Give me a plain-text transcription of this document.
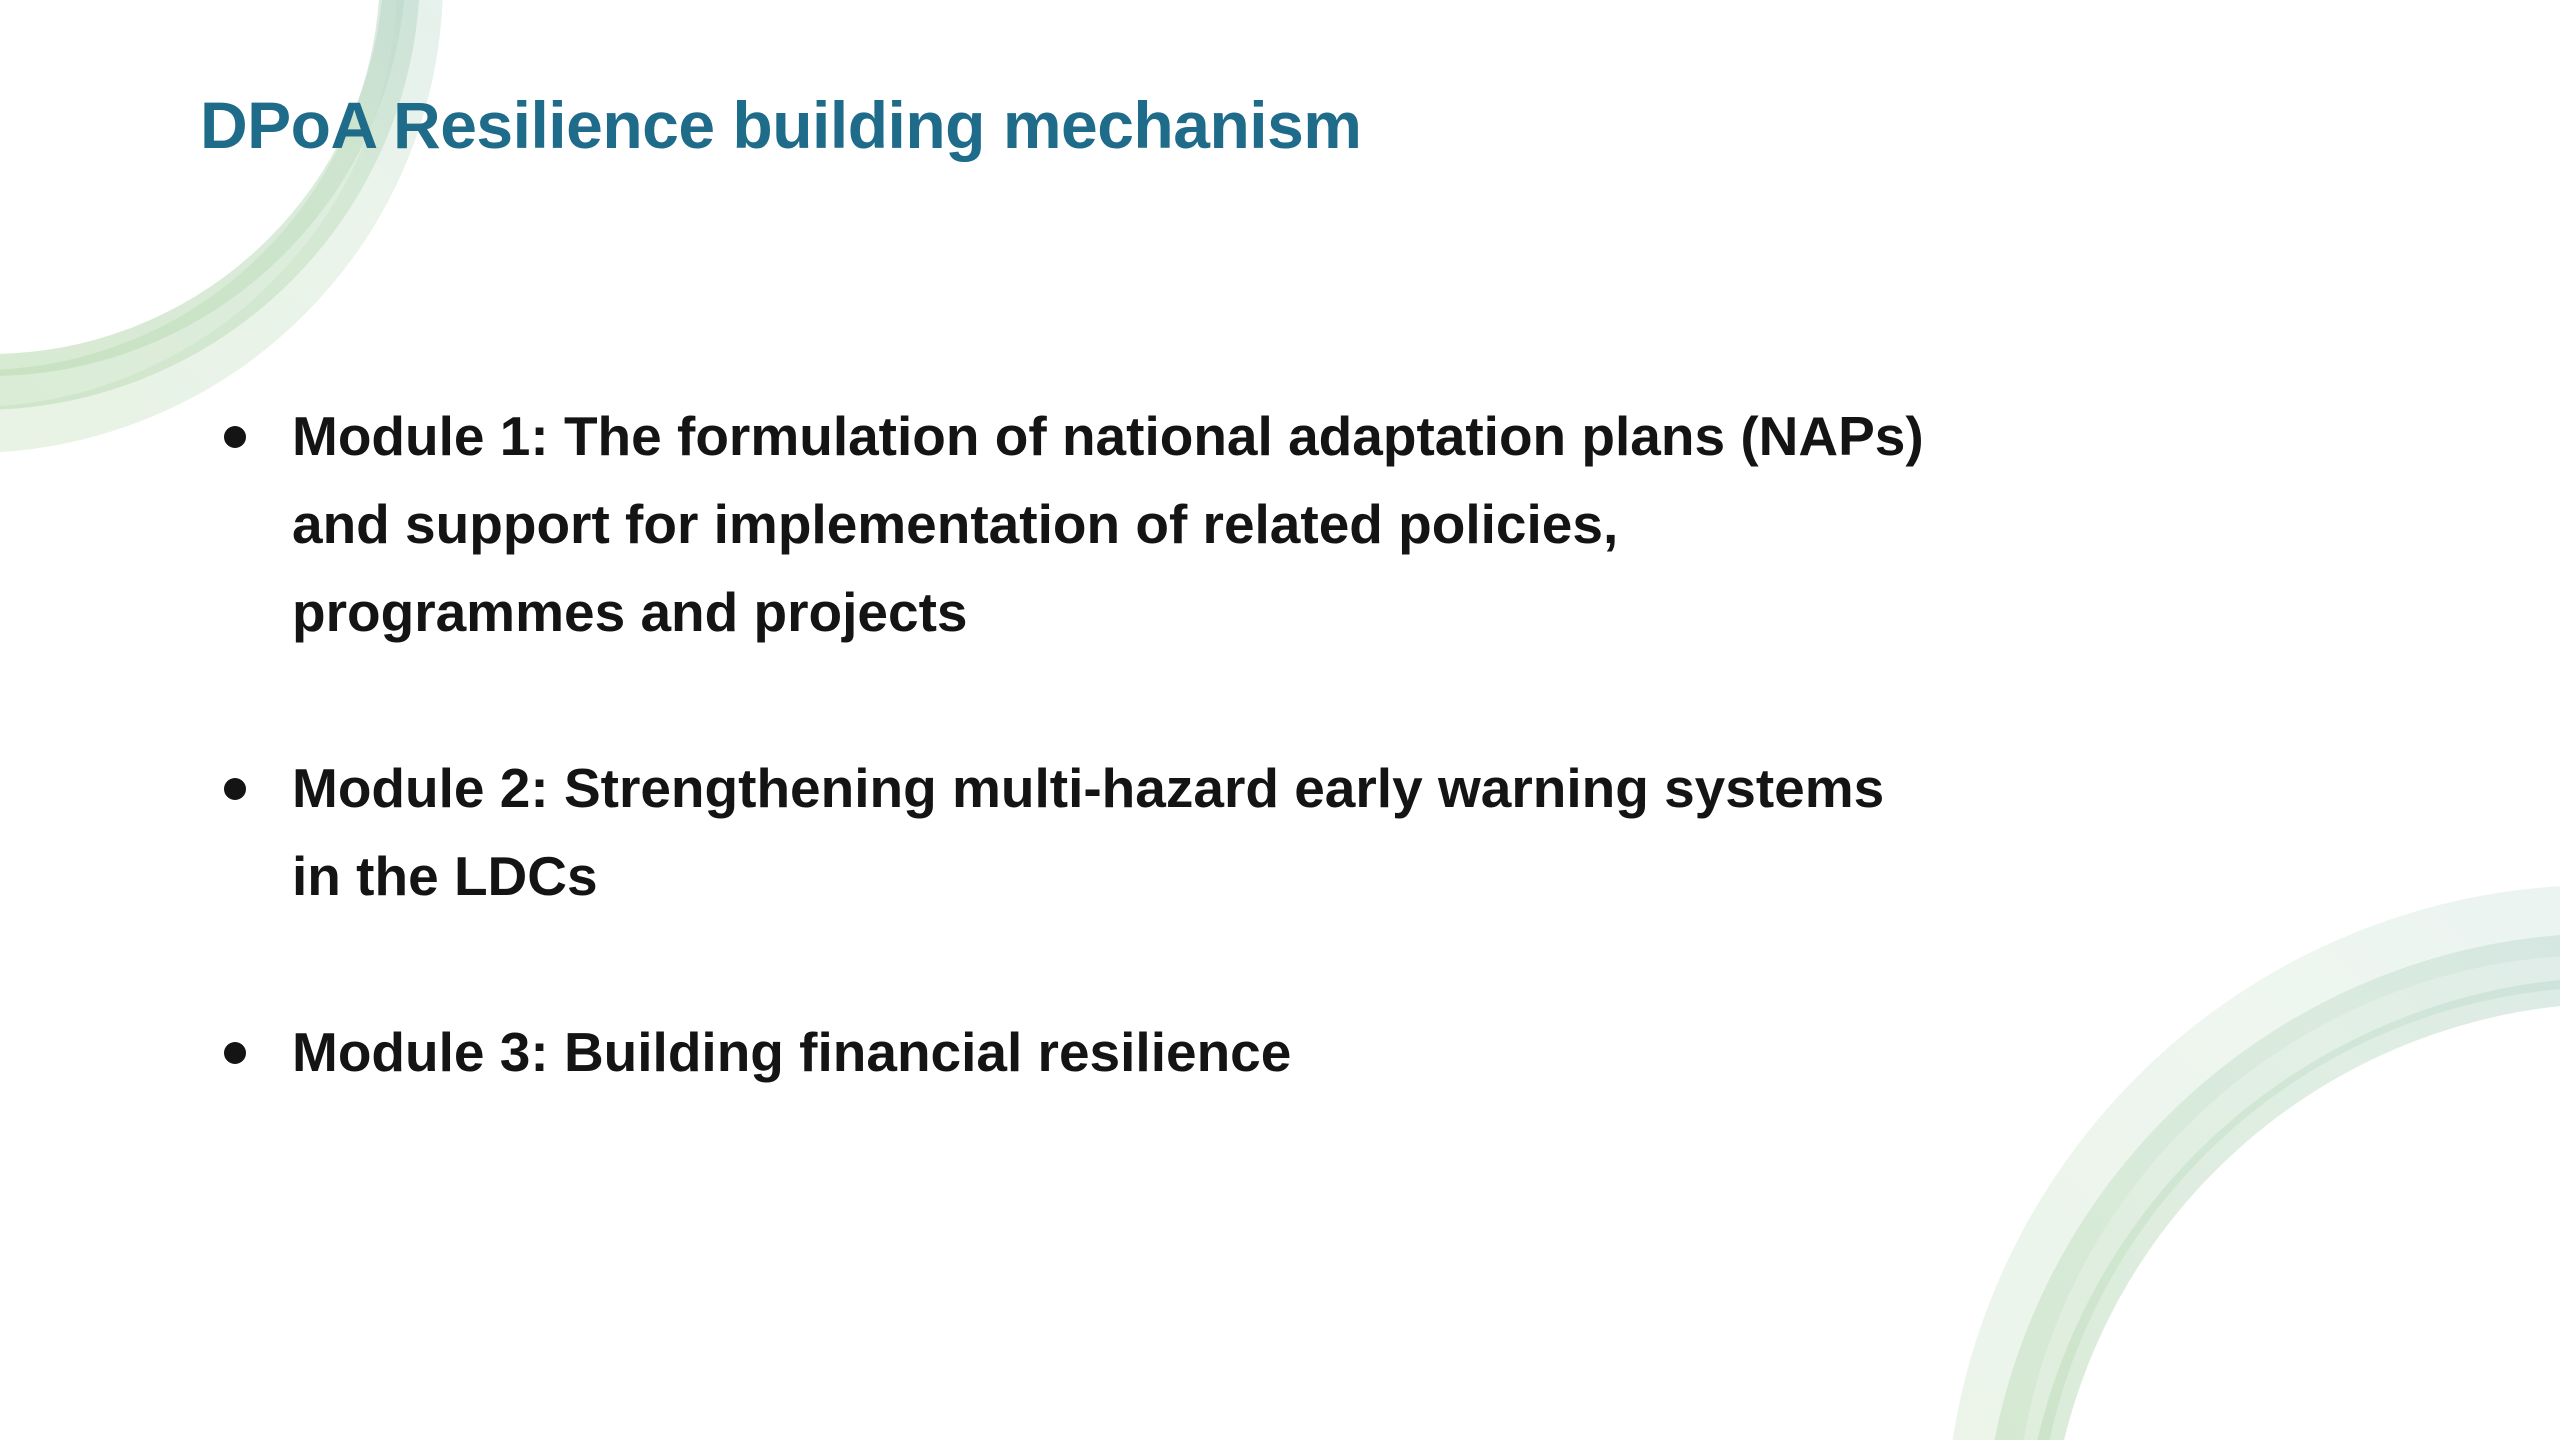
DPoA Resilience building mechanism
Module 1: The formulation of national adaptation plans (NAPs) and support for implementation of related policies, programmes and projects
Module 2: Strengthening multi-hazard early warning systems in the LDCs
Module 3: Building financial resilience
